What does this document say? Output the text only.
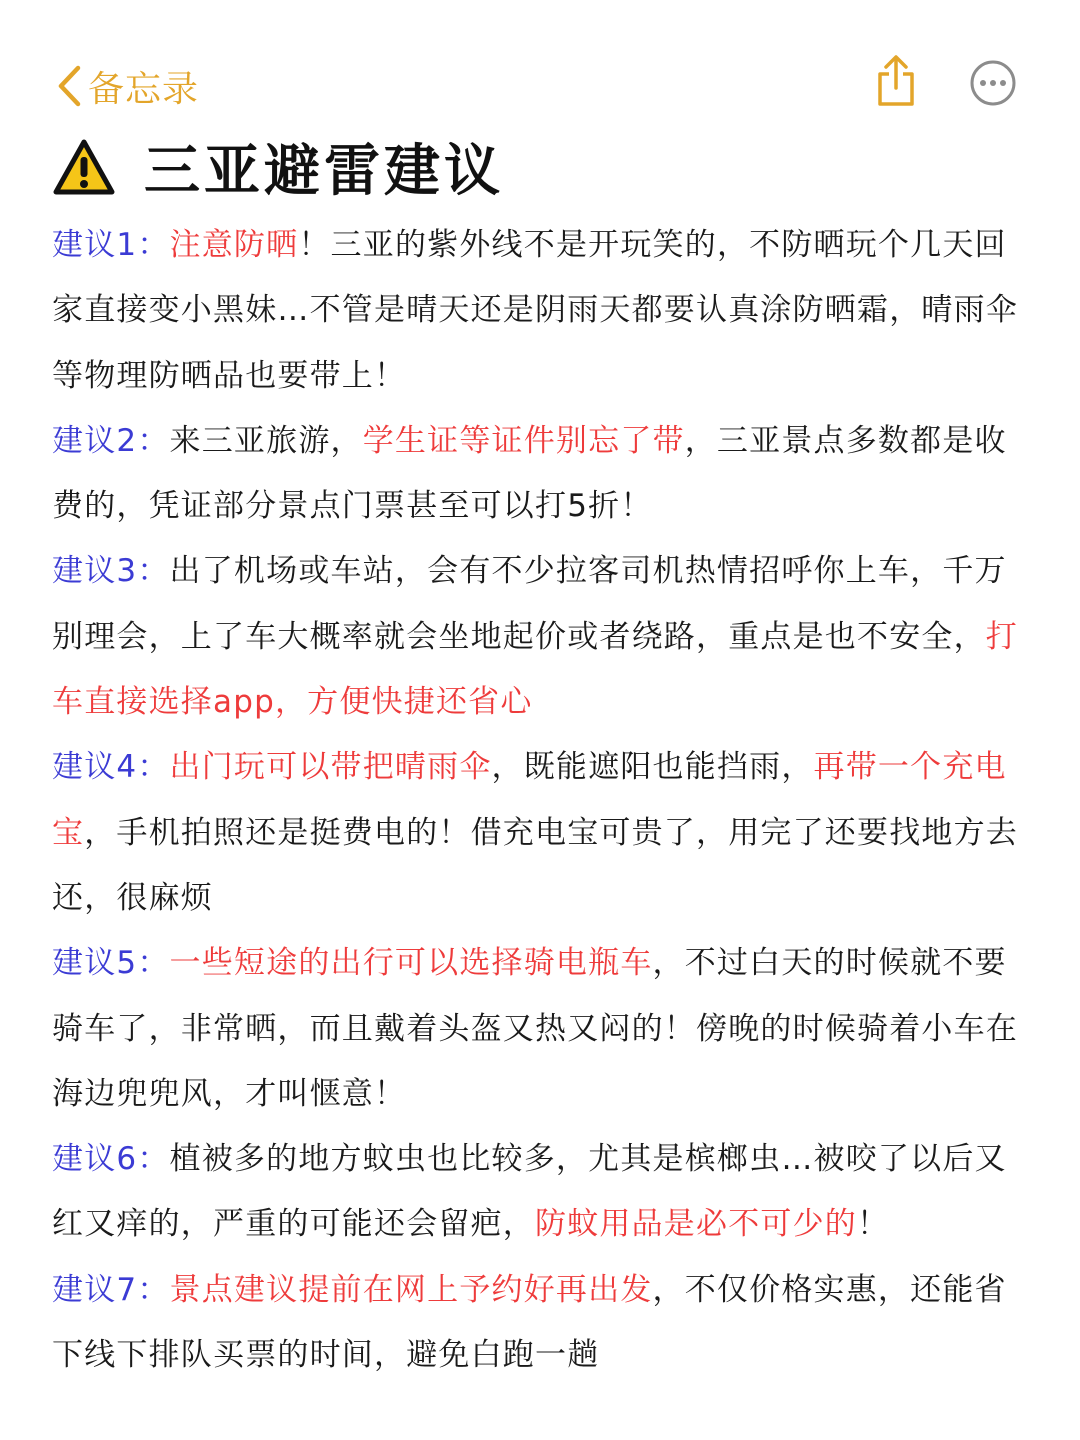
备忘录
三亚避雷建议

建议1：注意防晒！三亚的紫外线不是开玩笑的，不防晒玩个几天回家直接变小黑妹…不管是晴天还是阴雨天都要认真涂防晒霜，晴雨伞等物理防晒品也要带上！

建议2：来三亚旅游，学生证等证件别忘了带，三亚景点多数都是收费的，凭证部分景点门票甚至可以打5折！

建议3：出了机场或车站，会有不少拉客司机热情招呼你上车，千万别理会，上了车大概率就会坐地起价或者绕路，重点是也不安全，打车直接选择app，方便快捷还省心

建议4：出门玩可以带把晴雨伞，既能遮阳也能挡雨，再带一个充电宝，手机拍照还是挺费电的！借充电宝可贵了，用完了还要找地方去还，很麻烦

建议5：一些短途的出行可以选择骑电瓶车，不过白天的时候就不要骑车了，非常晒，而且戴着头盔又热又闷的！傍晚的时候骑着小车在海边兜兜风，才叫惬意！

建议6：植被多的地方蚊虫也比较多，尤其是槟榔虫…被咬了以后又红又痒的，严重的可能还会留疤，防蚊用品是必不可少的！

建议7：景点建议提前在网上予约好再出发，不仅价格实惠，还能省下线下排队买票的时间，避免白跑一趟
